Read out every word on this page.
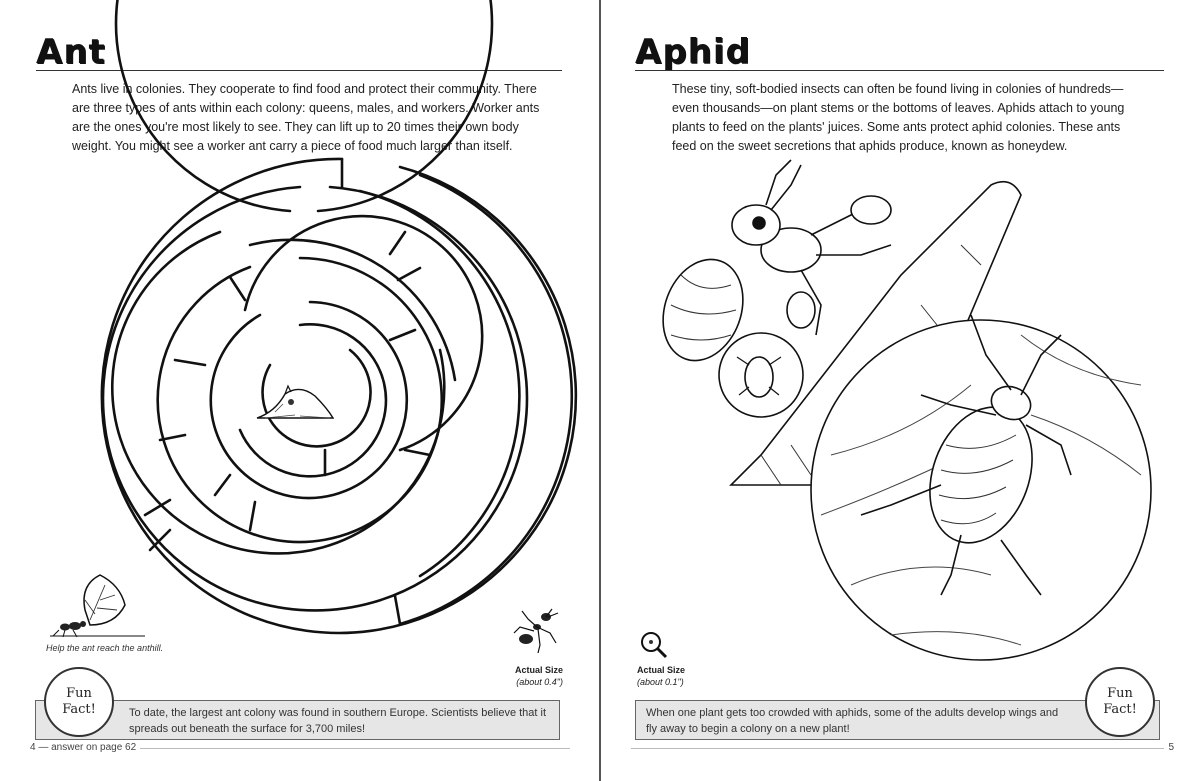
Ant

Ants live in colonies. They cooperate to find food and protect their community. There are three types of ants within each colony: queens, males, and workers. Worker ants are the ones you're most likely to see. They can lift up to 20 times their own body weight. You might see a worker ant carry a piece of food much larger than itself.

Help the ant reach the anthill.
Actual Size
(about 0.4")
To date, the largest ant colony was found in southern Europe. Scientists believe that it spreads out beneath the surface for 3,700 miles!
Fun
Fact!
4 — answer on page 62
Aphid

These tiny, soft-bodied insects can often be found living in colonies of hundreds—even thousands—on plant stems or the bottoms of leaves. Aphids attach to young plants to feed on the plants' juices. Some ants protect aphid colonies. These ants feed on the sweet secretions that aphids produce, known as honeydew.

Actual Size
(about 0.1")
When one plant gets too crowded with aphids, some of the adults develop wings and fly away to begin a colony on a new plant!
Fun
Fact!
5
